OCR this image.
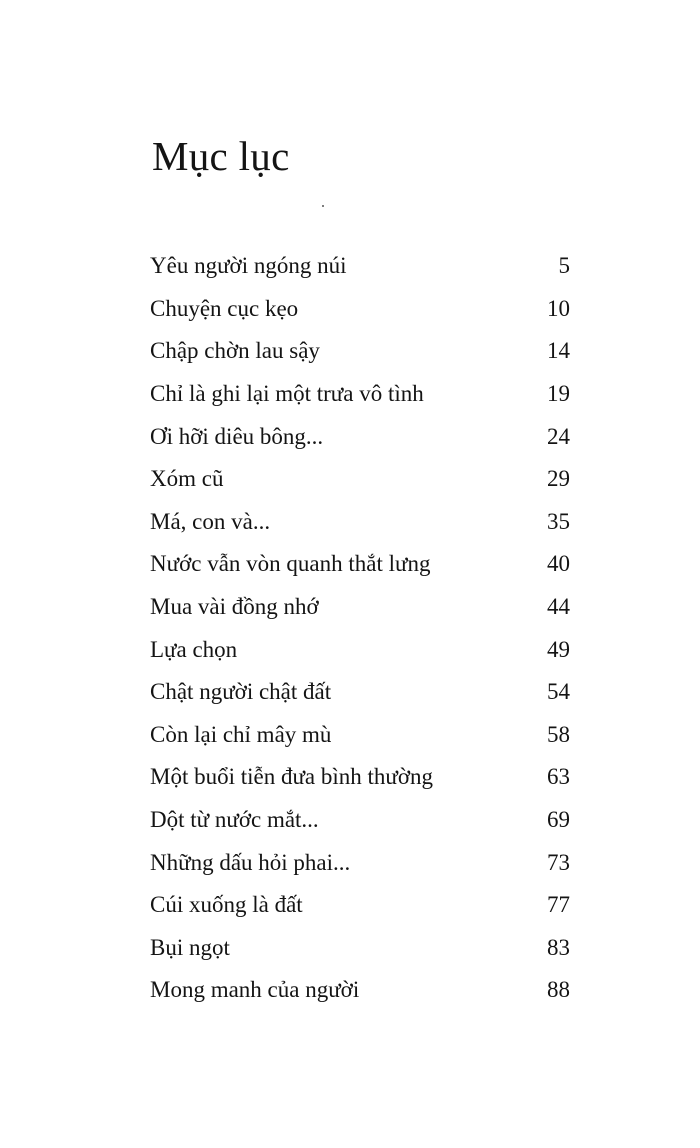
Mục lục
Yêu người ngóng núi	5
Chuyện cục kẹo	10
Chập chờn lau sậy	14
Chỉ là ghi lại một trưa vô tình	19
Ơi hỡi diêu bông...	24
Xóm cũ	29
Má, con và...	35
Nước vẫn vòn quanh thắt lưng	40
Mua vài đồng nhớ	44
Lựa chọn	49
Chật người chật đất	54
Còn lại chỉ mây mù	58
Một buổi tiễn đưa bình thường	63
Dột từ nước mắt...	69
Những dấu hỏi phai...	73
Cúi xuống là đất	77
Bụi ngọt	83
Mong manh của người	88
